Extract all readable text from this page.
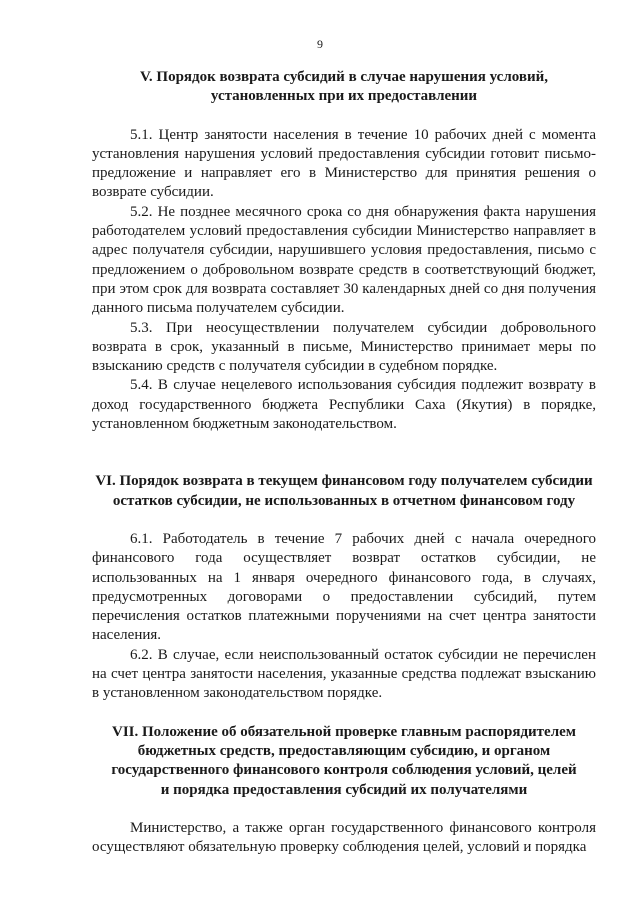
9
V. Порядок возврата субсидий в случае нарушения условий,
установленных при их предоставлении

5.1. Центр занятости населения в течение 10 рабочих дней с момента установления нарушения условий предоставления субсидии готовит письмо-предложение и направляет его в Министерство для принятия решения о возврате субсидии.

5.2. Не позднее месячного срока со дня обнаружения факта нарушения работодателем условий предоставления субсидии Министерство направляет в адрес получателя субсидии, нарушившего условия предоставления, письмо с предложением о добровольном возврате средств в соответствующий бюджет, при этом срок для возврата составляет 30 календарных дней со дня получения данного письма получателем субсидии.

5.3. При неосуществлении получателем субсидии добровольного возврата в срок, указанный в письме, Министерство принимает меры по взысканию средств с получателя субсидии в судебном порядке.

5.4. В случае нецелевого использования субсидия подлежит возврату в доход государственного бюджета Республики Саха (Якутия) в порядке, установленном бюджетным законодательством.

VI. Порядок возврата в текущем финансовом году получателем субсидии
остатков субсидии, не использованных в отчетном финансовом году

6.1. Работодатель в течение 7 рабочих дней с начала очередного финансового года осуществляет возврат остатков субсидии, не использованных на 1 января очередного финансового года, в случаях, предусмотренных договорами о предоставлении субсидий, путем перечисления остатков платежными поручениями на счет центра занятости населения.

6.2. В случае, если неиспользованный остаток субсидии не перечислен на счет центра занятости населения, указанные средства подлежат взысканию в установленном законодательством порядке.

VII. Положение об обязательной проверке главным распорядителем
бюджетных средств, предоставляющим субсидию, и органом
государственного финансового контроля соблюдения условий, целей
и порядка предоставления субсидий их получателями

Министерство, а также орган государственного финансового контроля осуществляют обязательную проверку соблюдения целей, условий и порядка
